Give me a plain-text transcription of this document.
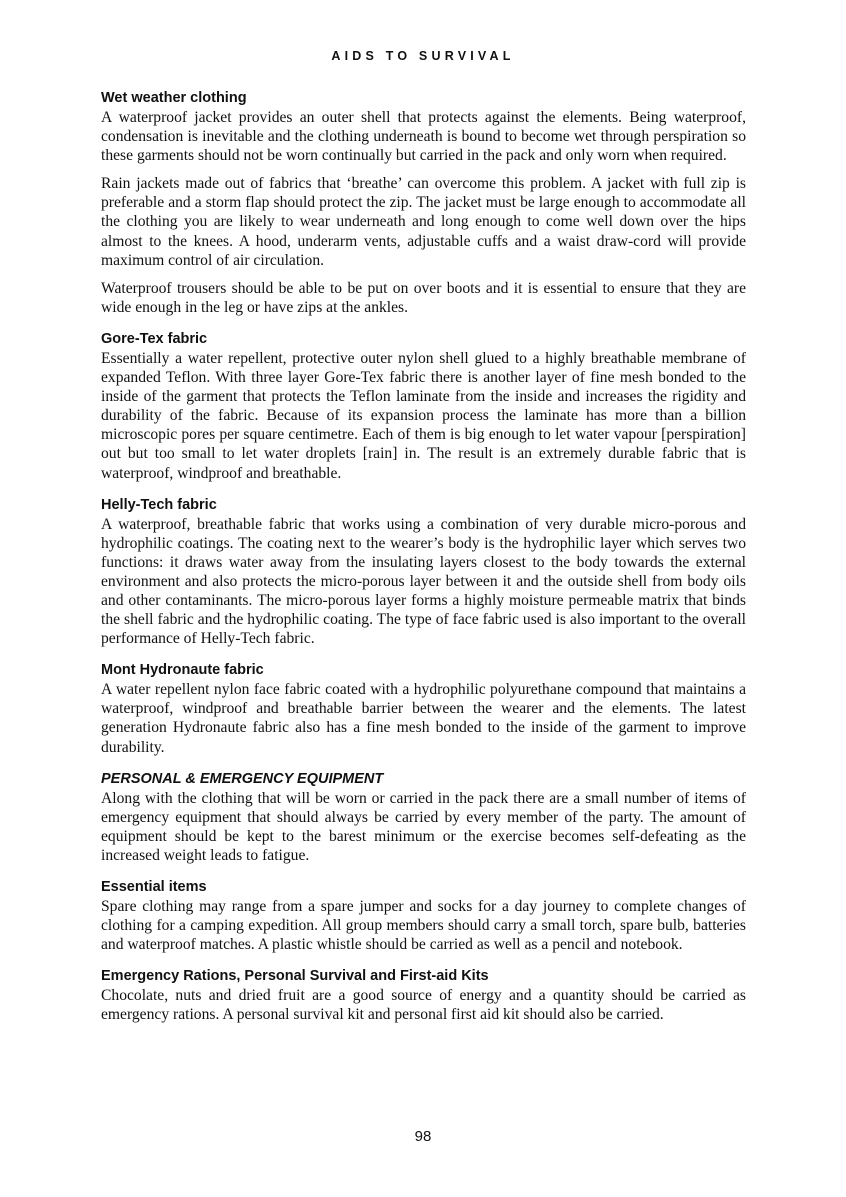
AIDS TO SURVIVAL

Wet weather clothing

A waterproof jacket provides an outer shell that protects against the elements. Being waterproof, condensation is inevitable and the clothing underneath is bound to become wet through perspiration so these garments should not be worn continually but carried in the pack and only worn when required.

Rain jackets made out of fabrics that ‘breathe’ can overcome this problem. A jacket with full zip is preferable and a storm flap should protect the zip. The jacket must be large enough to accommodate all the clothing you are likely to wear underneath and long enough to come well down over the hips almost to the knees. A hood, underarm vents, adjustable cuffs and a waist draw-cord will provide maximum control of air circulation.

Waterproof trousers should be able to be put on over boots and it is essential to ensure that they are wide enough in the leg or have zips at the ankles.

Gore-Tex fabric

Essentially a water repellent, protective outer nylon shell glued to a highly breathable membrane of expanded Teflon. With three layer Gore-Tex fabric there is another layer of fine mesh bonded to the inside of the garment that protects the Teflon laminate from the inside and increases the rigidity and durability of the fabric. Because of its expansion process the laminate has more than a billion microscopic pores per square centimetre. Each of them is big enough to let water vapour [perspiration] out but too small to let water droplets [rain] in. The result is an extremely durable fabric that is waterproof, windproof and breathable.

Helly-Tech fabric

A waterproof, breathable fabric that works using a combination of very durable micro-porous and hydrophilic coatings. The coating next to the wearer’s body is the hydrophilic layer which serves two functions: it draws water away from the insulating layers closest to the body towards the external environment and also protects the micro-porous layer between it and the outside shell from body oils and other contaminants. The micro-porous layer forms a highly moisture permeable matrix that binds the shell fabric and the hydrophilic coating. The type of face fabric used is also important to the overall performance of Helly-Tech fabric.

Mont Hydronaute fabric

A water repellent nylon face fabric coated with a hydrophilic polyurethane compound that maintains a waterproof, windproof and breathable barrier between the wearer and the elements. The latest generation Hydronaute fabric also has a fine mesh bonded to the inside of the garment to improve durability.

PERSONAL & EMERGENCY EQUIPMENT

Along with the clothing that will be worn or carried in the pack there are a small number of items of emergency equipment that should always be carried by every member of the party. The amount of equipment should be kept to the barest minimum or the exercise becomes self-defeating as the increased weight leads to fatigue.

Essential items

Spare clothing may range from a spare jumper and socks for a day journey to complete changes of clothing for a camping expedition. All group members should carry a small torch, spare bulb, batteries and waterproof matches. A plastic whistle should be carried as well as a pencil and notebook.

Emergency Rations, Personal Survival and First-aid Kits

Chocolate, nuts and dried fruit are a good source of energy and a quantity should be carried as emergency rations. A personal survival kit and personal first aid kit should also be carried.

98
